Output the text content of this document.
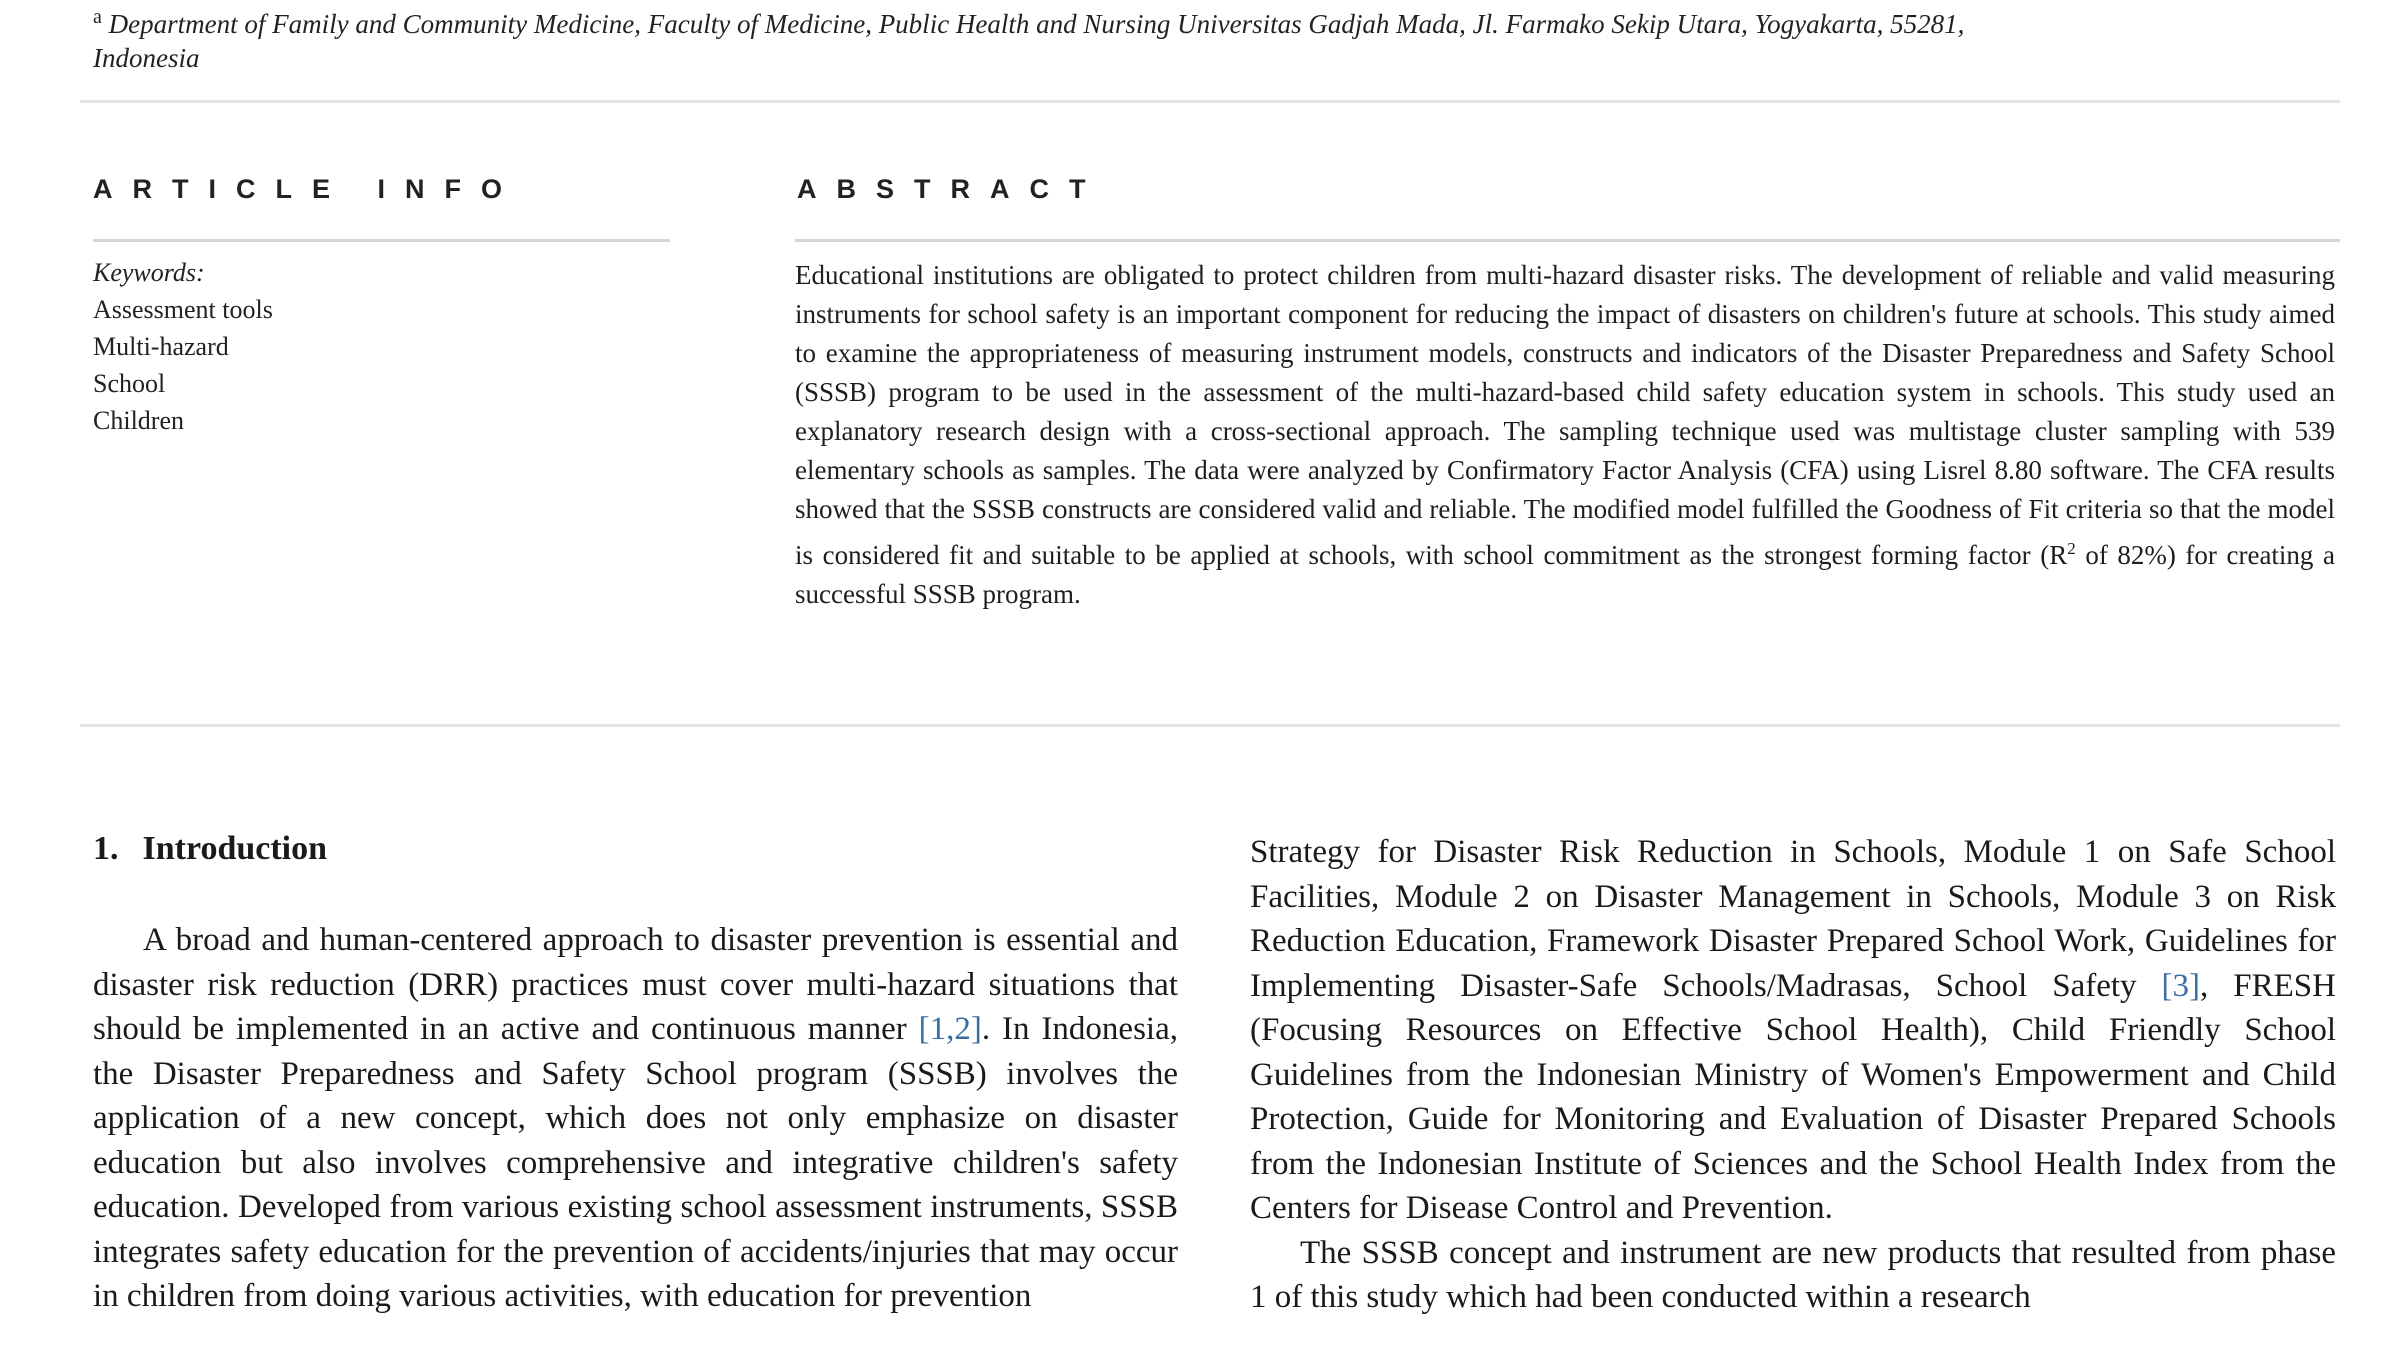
$^a$ Department of Family and Community Medicine, Faculty of Medicine, Public Health and Nursing Universitas Gadjah Mada, Jl. Farmako Sekip Utara, Yogyakarta, 55281, Indonesia
ARTICLE INFO	ABSTRACT
Keywords:
Assessment tools
Multi-hazard
School
Children
Educational institutions are obligated to protect children from multi-hazard disaster risks. The development of reliable and valid measuring instruments for school safety is an important component for reducing the impact of disasters on children's future at schools. This study aimed to examine the appropriateness of measuring instrument models, constructs and indicators of the Disaster Preparedness and Safety School (SSSB) program to be used in the assessment of the multi-hazard-based child safety education system in schools. This study used an explanatory research design with a cross-sectional approach. The sampling technique used was multistage cluster sampling with 539 elementary schools as samples. The data were analyzed by Confirmatory Factor Analysis (CFA) using Lisrel 8.80 software. The CFA results showed that the SSSB constructs are considered valid and reliable. The modified model fulfilled the Goodness of Fit criteria so that the model is considered fit and suitable to be applied at schools, with school commitment as the strongest forming factor ($R^2$ of 82%) for creating a successful SSSB program.
1. Introduction
A broad and human-centered approach to disaster prevention is essential and disaster risk reduction (DRR) practices must cover multi-hazard situations that should be implemented in an active and continuous manner [1,2]. In Indonesia, the Disaster Preparedness and Safety School program (SSSB) involves the application of a new concept, which does not only emphasize on disaster education but also involves comprehensive and integrative children's safety education. Developed from various existing school assessment instruments, SSSB integrates safety education for the prevention of accidents/injuries that may occur in children from doing various activities, with education for prevention
Strategy for Disaster Risk Reduction in Schools, Module 1 on Safe School Facilities, Module 2 on Disaster Management in Schools, Module 3 on Risk Reduction Education, Framework Disaster Prepared School Work, Guidelines for Implementing Disaster-Safe Schools/Madrasas, School Safety [3], FRESH (Focusing Resources on Effective School Health), Child Friendly School Guidelines from the Indonesian Ministry of Women's Empowerment and Child Protection, Guide for Monitoring and Evaluation of Disaster Prepared Schools from the Indonesian Institute of Sciences and the School Health Index from the Centers for Disease Control and Prevention.
The SSSB concept and instrument are new products that resulted from phase 1 of this study which had been conducted within a research
